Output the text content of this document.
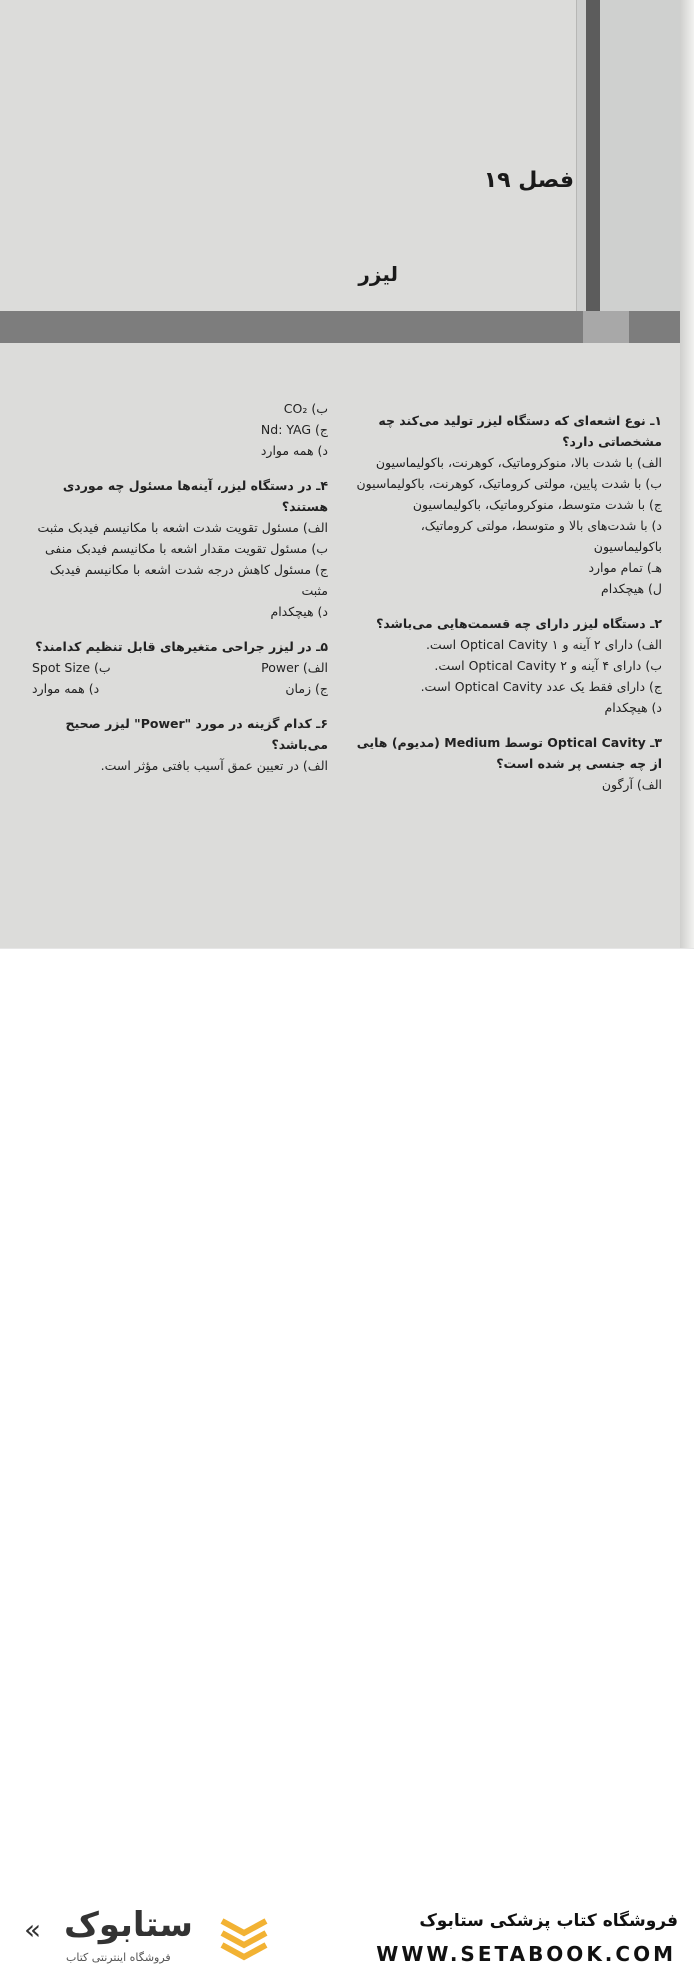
فصل ۱۹
لیزر

۱ـ نوع اشعه‌ای که دستگاه لیزر تولید می‌کند چه مشخصاتی دارد؟

الف) با شدت بالا، منوکروماتیک، کوهرنت، باکولیماسیون

ب) با شدت پایین، مولتی کروماتیک، کوهرنت، باکولیماسیون

ج) با شدت متوسط، منوکروماتیک، باکولیماسیون

د) با شدت‌های بالا و متوسط، مولتی کروماتیک، باکولیماسیون

هـ) تمام موارد

ل) هیچکدام

۲ـ دستگاه لیزر دارای چه قسمت‌هایی می‌باشد؟

الف) دارای ۲ آینه و ۱ Optical Cavity است.

ب) دارای ۴ آینه و ۲ Optical Cavity است.

ج) دارای فقط یک عدد Optical Cavity است.

د) هیچکدام

۳ـ Optical Cavity توسط Medium (مدیوم) هایی از چه جنسی پر شده است؟

الف) آرگون

ب) CO₂

ج) Nd: YAG

د) همه موارد

۴ـ در دستگاه لیزر، آینه‌ها مسئول چه موردی هستند؟

الف) مسئول تقویت شدت اشعه با مکانیسم فیدبک مثبت

ب) مسئول تقویت مقدار اشعه با مکانیسم فیدبک منفی

ج) مسئول کاهش درجه شدت اشعه با مکانیسم فیدبک مثبت

د) هیچکدام

۵ـ در لیزر جراحی متغیرهای قابل تنظیم کدامند؟

الف) Power
ب) Spot Size
ج) زمان
د) همه موارد

۶ـ کدام گزینه در مورد "Power" لیزر صحیح می‌باشد؟

الف) در تعیین عمق آسیب بافتی مؤثر است.

فروشگاه کتاب پزشکی ستابوک
WWW.SETABOOK.COM
ستابوک
فروشگاه اینترنتی کتاب
«
